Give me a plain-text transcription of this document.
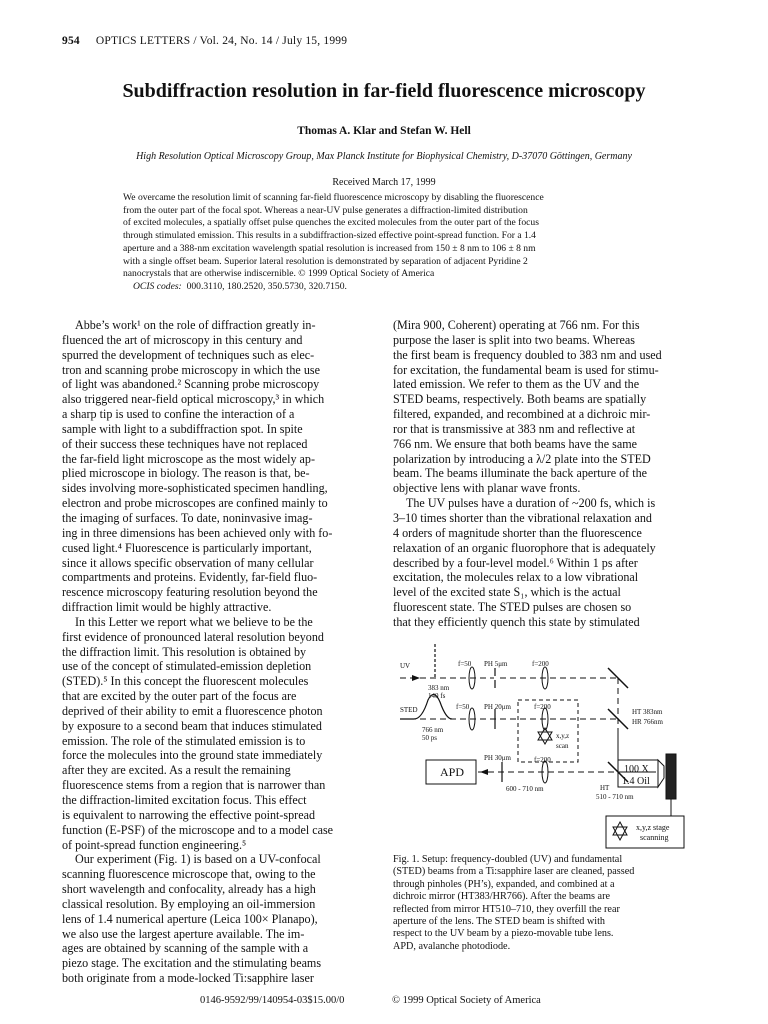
954 OPTICS LETTERS / Vol. 24, No. 14 / July 15, 1999
Subdiffraction resolution in far-field fluorescence microscopy
Thomas A. Klar and Stefan W. Hell
High Resolution Optical Microscopy Group, Max Planck Institute for Biophysical Chemistry, D-37070 Göttingen, Germany
Received March 17, 1999
We overcame the resolution limit of scanning far-field fluorescence microscopy by disabling the fluorescence
from the outer part of the focal spot. Whereas a near-UV pulse generates a diffraction-limited distribution
of excited molecules, a spatially offset pulse quenches the excited molecules from the outer part of the focus
through stimulated emission. This results in a subdiffraction-sized effective point-spread function. For a 1.4
aperture and a 388-nm excitation wavelength spatial resolution is increased from 150 ± 8 nm to 106 ± 8 nm
with a single offset beam. Superior lateral resolution is demonstrated by separation of adjacent Pyridine 2
nanocrystals that are otherwise indiscernible. © 1999 Optical Society of America
OCIS codes: 000.3110, 180.2520, 350.5730, 320.7150.
Abbe’s work¹ on the role of diffraction greatly in-
fluenced the art of microscopy in this century and
spurred the development of techniques such as elec-
tron and scanning probe microscopy in which the use
of light was abandoned.² Scanning probe microscopy
also triggered near-field optical microscopy,³ in which
a sharp tip is used to confine the interaction of a
sample with light to a subdiffraction spot. In spite
of their success these techniques have not replaced
the far-field light microscope as the most widely ap-
plied microscope in biology. The reason is that, be-
sides involving more-sophisticated specimen handling,
electron and probe microscopes are confined mainly to
the imaging of surfaces. To date, noninvasive imag-
ing in three dimensions has been achieved only with fo-
cused light.⁴ Fluorescence is particularly important,
since it allows specific observation of many cellular
compartments and proteins. Evidently, far-field fluo-
rescence microscopy featuring resolution beyond the
diffraction limit would be highly attractive.
In this Letter we report what we believe to be the
first evidence of pronounced lateral resolution beyond
the diffraction limit. This resolution is obtained by
use of the concept of stimulated-emission depletion
(STED).⁵ In this concept the fluorescent molecules
that are excited by the outer part of the focus are
deprived of their ability to emit a fluorescence photon
by exposure to a second beam that induces stimulated
emission. The role of the stimulated emission is to
force the molecules into the ground state immediately
after they are excited. As a result the remaining
fluorescence stems from a region that is narrower than
the diffraction-limited excitation focus. This effect
is equivalent to narrowing the effective point-spread
function (E-PSF) of the microscope and to a model case
of point-spread function engineering.⁵
Our experiment (Fig. 1) is based on a UV-confocal
scanning fluorescence microscope that, owing to the
short wavelength and confocality, already has a high
classical resolution. By employing an oil-immersion
lens of 1.4 numerical aperture (Leica 100× Planapo),
we also use the largest aperture available. The im-
ages are obtained by scanning of the sample with a
piezo stage. The excitation and the stimulating beams
both originate from a mode-locked Ti:sapphire laser
(Mira 900, Coherent) operating at 766 nm. For this
purpose the laser is split into two beams. Whereas
the first beam is frequency doubled to 383 nm and used
for excitation, the fundamental beam is used for stimu-
lated emission. We refer to them as the UV and the
STED beams, respectively. Both beams are spatially
filtered, expanded, and recombined at a dichroic mir-
ror that is transmissive at 383 nm and reflective at
766 nm. We ensure that both beams have the same
polarization by introducing a λ/2 plate into the STED
beam. The beams illuminate the back aperture of the
objective lens with planar wave fronts.
The UV pulses have a duration of ~200 fs, which is
3–10 times shorter than the vibrational relaxation and
4 orders of magnitude shorter than the fluorescence
relaxation of an organic fluorophore that is adequately
described by a four-level model.⁶ Within 1 ps after
excitation, the molecules relax to a low vibrational
level of the excited state S₁, which is the actual
fluorescent state. The STED pulses are chosen so
that they efficiently quench this state by stimulated
UV	f=50 PH 5μm	f=200
383 nm
140 fs
STED	f=50 PH 20μm	f=200
766 nm
50 ps	x,y,z
scan
HT 383nm
HR 766nm
PH 30μm	f=200
APD
600 - 710 nm	HT
510 - 710 nm
100 X
1.4 Oil
x,y,z stage
scanning
Fig. 1. Setup: frequency-doubled (UV) and fundamental
(STED) beams from a Ti:sapphire laser are cleaned, passed
through pinholes (PH’s), expanded, and combined at a
dichroic mirror (HT383/HR766). After the beams are
reflected from mirror HT510–710, they overfill the rear
aperture of the lens. The STED beam is shifted with
respect to the UV beam by a piezo-movable tube lens.
APD, avalanche photodiode.
0146-9592/99/140954-03$15.00/0	© 1999 Optical Society of America
